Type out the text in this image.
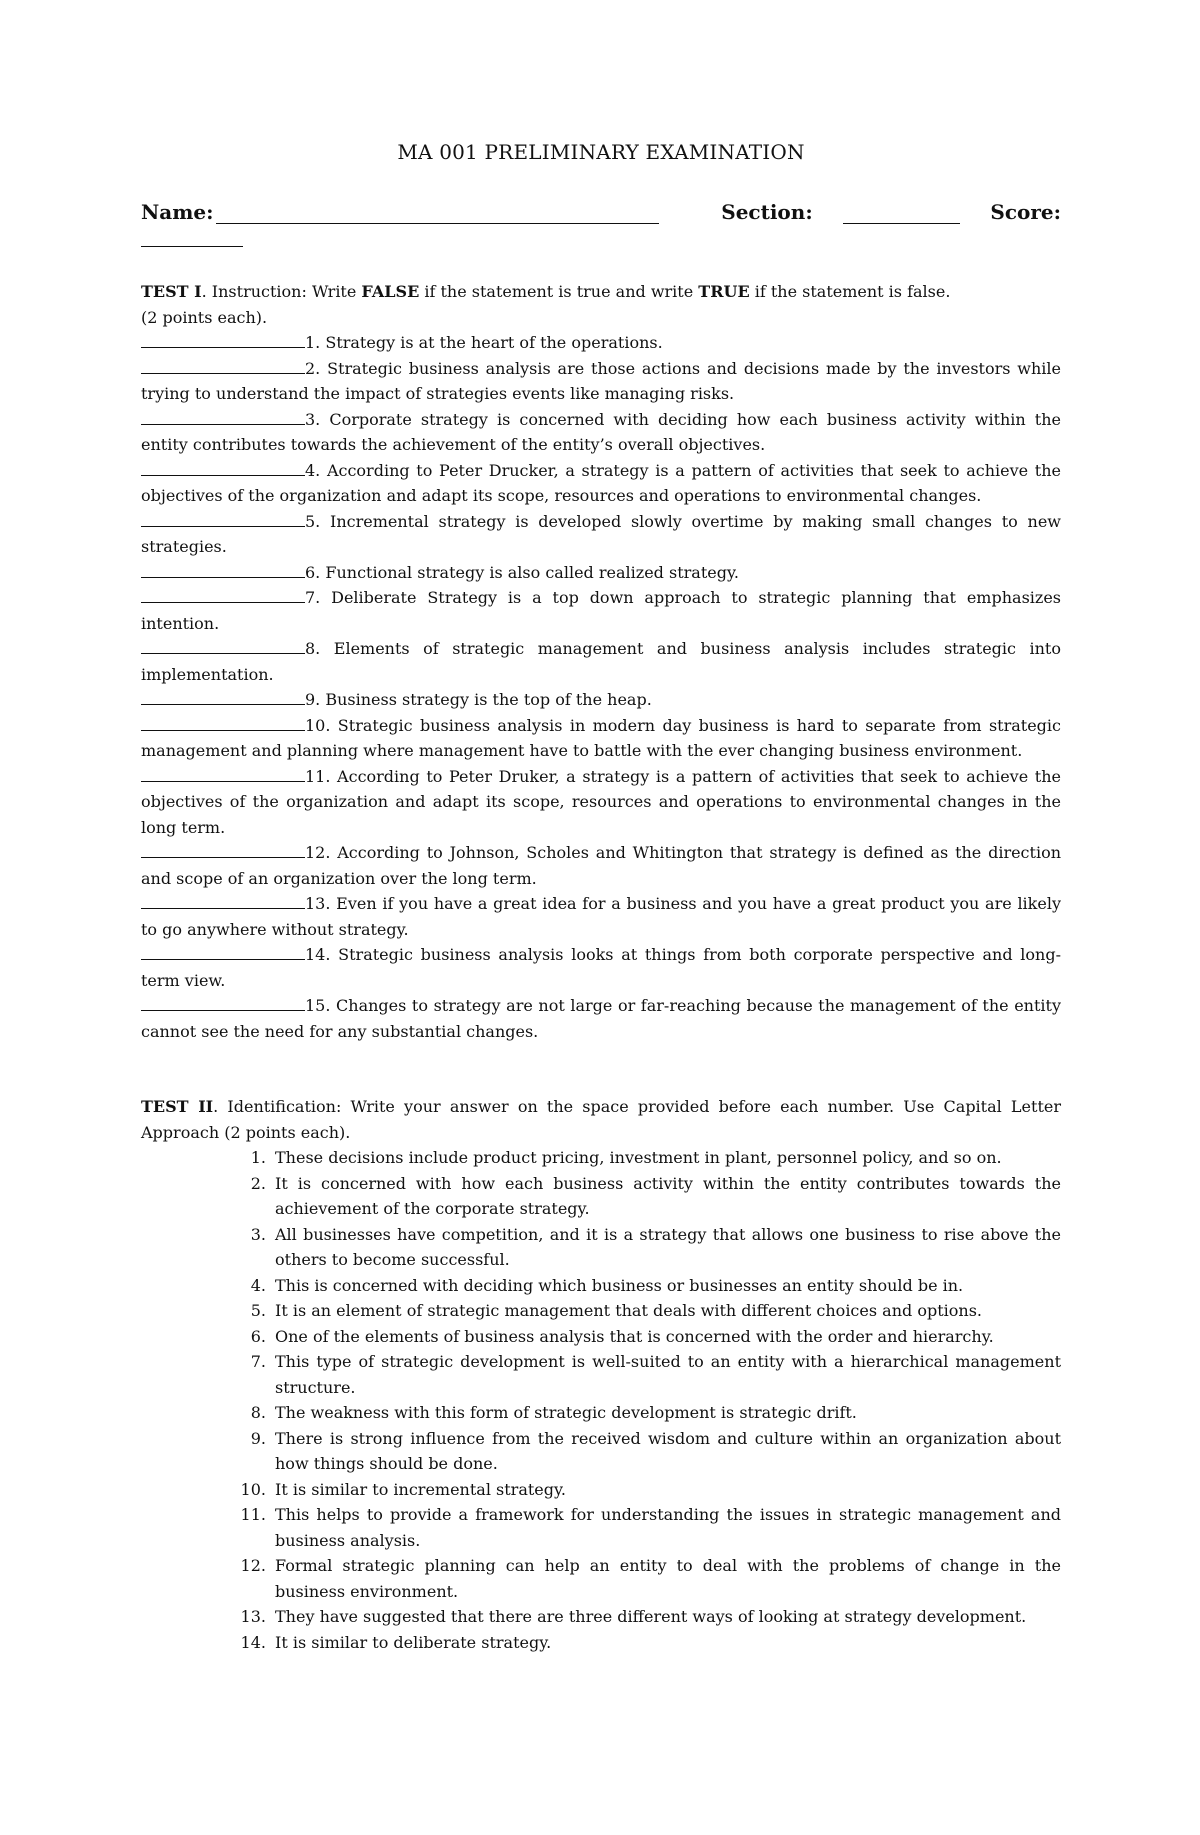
MA 001 PRELIMINARY EXAMINATION
Name:	Section:	Score:
TEST I. Instruction: Write FALSE if the statement is true and write TRUE if the statement is false.
(2 points each).

1. Strategy is at the heart of the operations.

2. Strategic business analysis are those actions and decisions made by the investors while trying to understand the impact of strategies events like managing risks.

3. Corporate strategy is concerned with deciding how each business activity within the entity contributes towards the achievement of the entity’s overall objectives.

4. According to Peter Drucker, a strategy is a pattern of activities that seek to achieve the objectives of the organization and adapt its scope, resources and operations to environmental changes.

5. Incremental strategy is developed slowly overtime by making small changes to new strategies.

6. Functional strategy is also called realized strategy.

7. Deliberate Strategy is a top down approach to strategic planning that emphasizes intention.

8. Elements of strategic management and business analysis includes strategic into implementation.

9. Business strategy is the top of the heap.

10. Strategic business analysis in modern day business is hard to separate from strategic management and planning where management have to battle with the ever changing business environment.

11. According to Peter Druker, a strategy is a pattern of activities that seek to achieve the objectives of the organization and adapt its scope, resources and operations to environmental changes in the long term.

12. According to Johnson, Scholes and Whitington that strategy is defined as the direction and scope of an organization over the long term.

13. Even if you have a great idea for a business and you have a great product you are likely to go anywhere without strategy.

14. Strategic business analysis looks at things from both corporate perspective and long-term view.

15. Changes to strategy are not large or far-reaching because the management of the entity cannot see the need for any substantial changes.

TEST II. Identification: Write your answer on the space provided before each number. Use Capital Letter Approach (2 points each).
1. These decisions include product pricing, investment in plant, personnel policy, and so on.
2. It is concerned with how each business activity within the entity contributes towards the achievement of the corporate strategy.
3. All businesses have competition, and it is a strategy that allows one business to rise above the others to become successful.
4. This is concerned with deciding which business or businesses an entity should be in.
5. It is an element of strategic management that deals with different choices and options.
6. One of the elements of business analysis that is concerned with the order and hierarchy.
7. This type of strategic development is well-suited to an entity with a hierarchical management structure.
8. The weakness with this form of strategic development is strategic drift.
9. There is strong influence from the received wisdom and culture within an organization about how things should be done.
10. It is similar to incremental strategy.
11. This helps to provide a framework for understanding the issues in strategic management and business analysis.
12. Formal strategic planning can help an entity to deal with the problems of change in the business environment.
13. They have suggested that there are three different ways of looking at strategy development.
14. It is similar to deliberate strategy.
